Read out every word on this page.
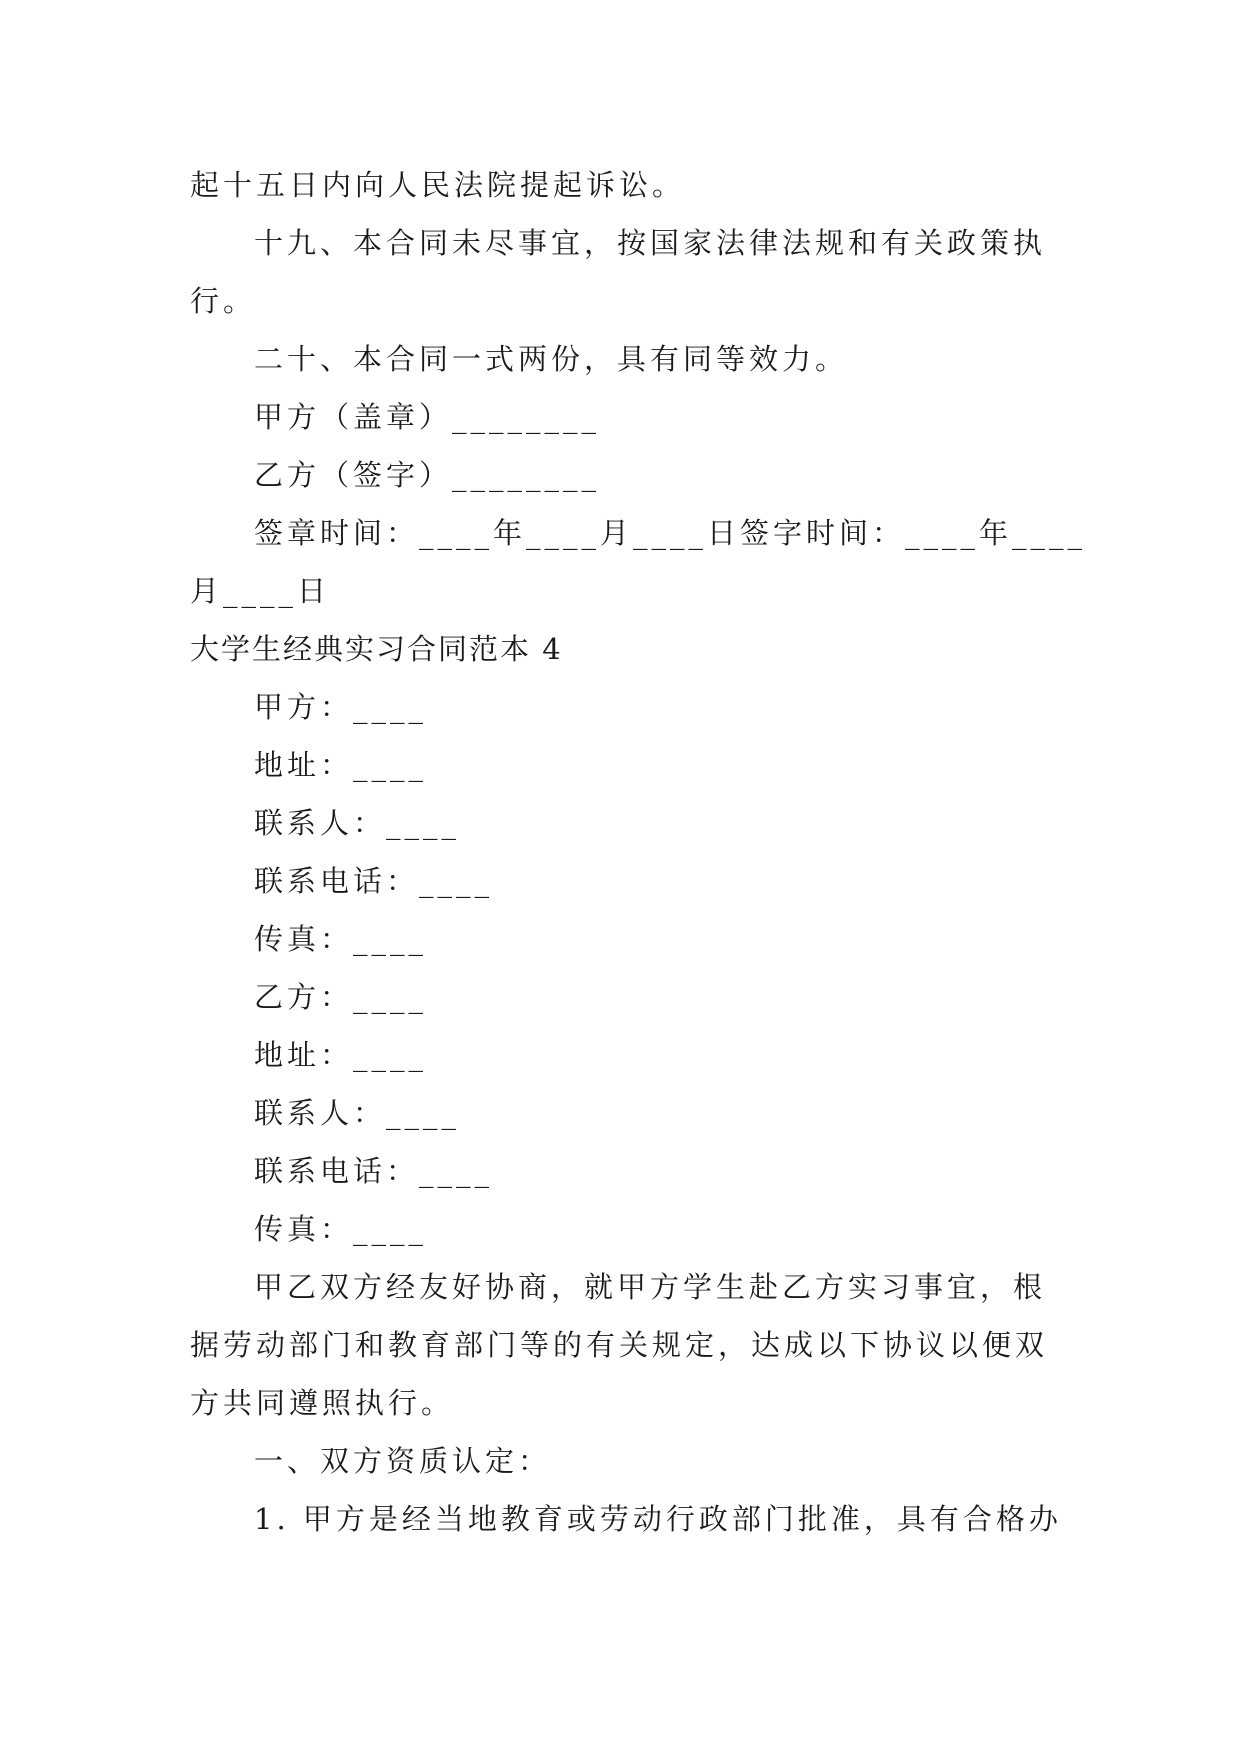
起十五日内向人民法院提起诉讼。
十九、本合同未尽事宜，按国家法律法规和有关政策执
行。
二十、本合同一式两份，具有同等效力。
甲方（盖章）________
乙方（签字）________
签章时间：____年____月____日签字时间：____年____
月____日
大学生经典实习合同范本 4
甲方：____
地址：____
联系人：____
联系电话：____
传真：____
乙方：____
地址：____
联系人：____
联系电话：____
传真：____
甲乙双方经友好协商，就甲方学生赴乙方实习事宜，根
据劳动部门和教育部门等的有关规定，达成以下协议以便双
方共同遵照执行。
一、双方资质认定：
1. 甲方是经当地教育或劳动行政部门批准，具有合格办
